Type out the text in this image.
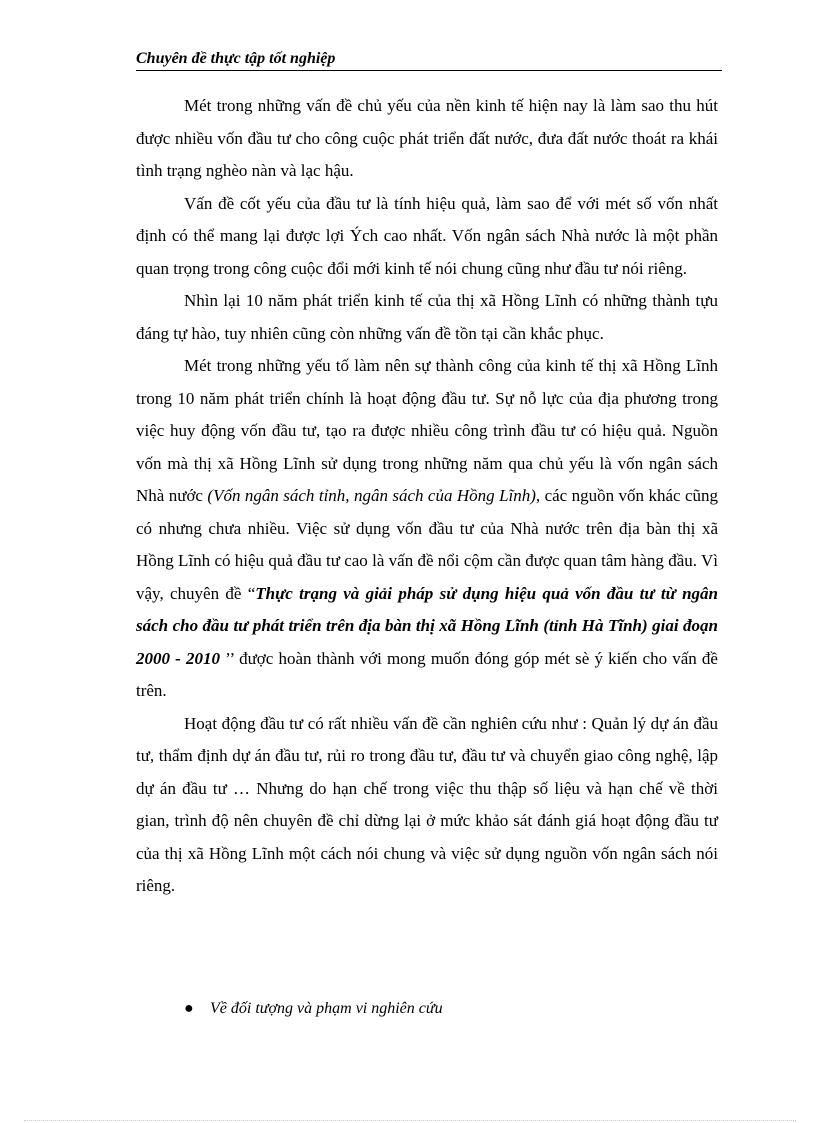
Chuyên đề thực tập tốt nghiệp

Mét trong những vấn đề chủ yếu của nền kinh tế hiện nay là làm sao thu hút được nhiều vốn đầu tư cho công cuộc phát triển đất nước, đưa đất nước thoát ra khái tình trạng nghèo nàn và lạc hậu.

Vấn đề cốt yếu của đầu tư là tính hiệu quả, làm sao để với mét số vốn nhất định có thể mang lại được lợi Ých cao nhất. Vốn ngân sách Nhà nước là một phần quan trọng trong công cuộc đổi mới kinh tế nói chung cũng như đầu tư nói riêng.

Nhìn lại 10 năm phát triển kinh tế của thị xã Hồng Lĩnh có những thành tựu đáng tự hào, tuy nhiên cũng còn những vấn đề tồn tại cần khắc phục.

Mét trong những yếu tố làm nên sự thành công của kinh tế thị xã Hồng Lĩnh trong 10 năm phát triển chính là hoạt động đầu tư. Sự nỗ lực của địa phương trong việc huy động vốn đầu tư, tạo ra được nhiều công trình đầu tư có hiệu quả. Nguồn vốn mà thị xã Hồng Lĩnh sử dụng trong những năm qua chủ yếu là vốn ngân sách Nhà nước (Vốn ngân sách tỉnh, ngân sách của Hồng Lĩnh), các nguồn vốn khác cũng có nhưng chưa nhiều. Việc sử dụng vốn đầu tư của Nhà nước trên địa bàn thị xã Hồng Lĩnh có hiệu quả đầu tư cao là vấn đề nổi cộm cần được quan tâm hàng đầu. Vì vậy, chuyên đề “Thực trạng và giải pháp sử dụng hiệu quả vốn đầu tư từ ngân sách cho đầu tư phát triển trên địa bàn thị xã Hồng Lĩnh (tỉnh Hà Tĩnh) giai đoạn 2000 - 2010 ’’ được hoàn thành với mong muốn đóng góp mét sè ý kiến cho vấn đề trên.

Hoạt động đầu tư có rất nhiều vấn đề cần nghiên cứu như : Quản lý dự án đầu tư, thẩm định dự án đầu tư, rủi ro trong đầu tư, đầu tư và chuyển giao công nghệ, lập dự án đầu tư … Nhưng do hạn chế trong việc thu thập số liệu và hạn chế về thời gian, trình độ nên chuyên đề chỉ dừng lại ở mức khảo sát đánh giá hoạt động đầu tư của thị xã Hồng Lĩnh một cách nói chung và việc sử dụng nguồn vốn ngân sách nói riêng.

● Về đối tượng và phạm vi nghiên cứu
